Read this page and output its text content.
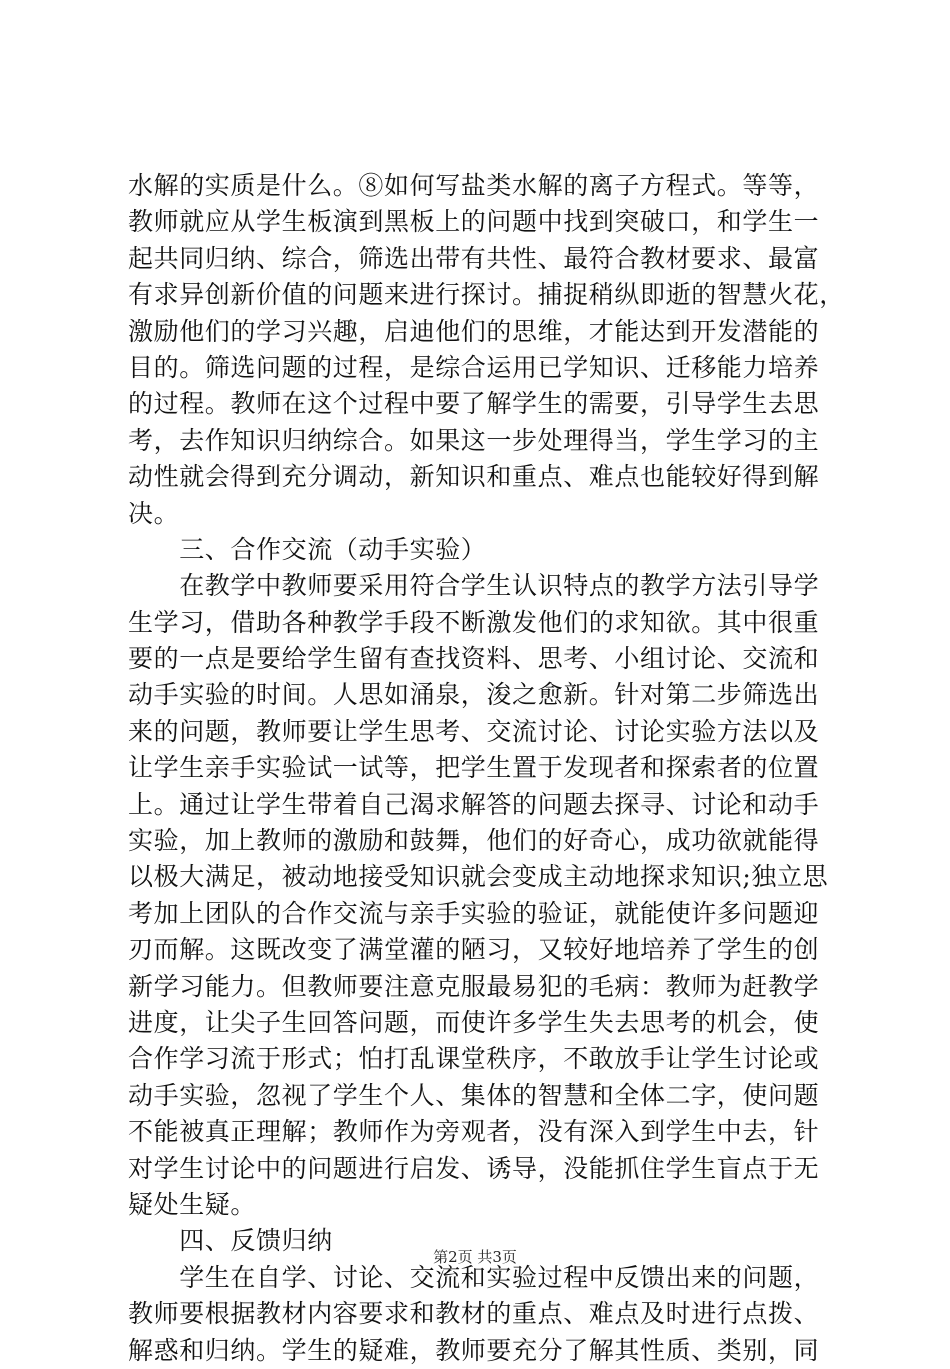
水解的实质是什么。⑧如何写盐类水解的离子方程式。等等，
教师就应从学生板演到黑板上的问题中找到突破口，和学生一
起共同归纳、综合，筛选出带有共性、最符合教材要求、最富
有求异创新价值的问题来进行探讨。捕捉稍纵即逝的智慧火花，
激励他们的学习兴趣，启迪他们的思维，才能达到开发潜能的
目的。筛选问题的过程，是综合运用已学知识、迁移能力培养
的过程。教师在这个过程中要了解学生的需要，引导学生去思
考，去作知识归纳综合。如果这一步处理得当，学生学习的主
动性就会得到充分调动，新知识和重点、难点也能较好得到解
决。
　　三、合作交流（动手实验）
　　在教学中教师要采用符合学生认识特点的教学方法引导学
生学习，借助各种教学手段不断激发他们的求知欲。其中很重
要的一点是要给学生留有查找资料、思考、小组讨论、交流和
动手实验的时间。人思如涌泉，浚之愈新。针对第二步筛选出
来的问题，教师要让学生思考、交流讨论、讨论实验方法以及
让学生亲手实验试一试等，把学生置于发现者和探索者的位置
上。通过让学生带着自己渴求解答的问题去探寻、讨论和动手
实验，加上教师的激励和鼓舞，他们的好奇心，成功欲就能得
以极大满足，被动地接受知识就会变成主动地探求知识;独立思
考加上团队的合作交流与亲手实验的验证，就能使许多问题迎
刃而解。这既改变了满堂灌的陋习，又较好地培养了学生的创
新学习能力。但教师要注意克服最易犯的毛病：教师为赶教学
进度，让尖子生回答问题，而使许多学生失去思考的机会，使
合作学习流于形式；怕打乱课堂秩序，不敢放手让学生讨论或
动手实验，忽视了学生个人、集体的智慧和全体二字，使问题
不能被真正理解；教师作为旁观者，没有深入到学生中去，针
对学生讨论中的问题进行启发、诱导，没能抓住学生盲点于无
疑处生疑。
　　四、反馈归纳
　　学生在自学、讨论、交流和实验过程中反馈出来的问题，
教师要根据教材内容要求和教材的重点、难点及时进行点拨、
解惑和归纳。学生的疑难，教师要充分了解其性质、类别，同
第2页 共3页
